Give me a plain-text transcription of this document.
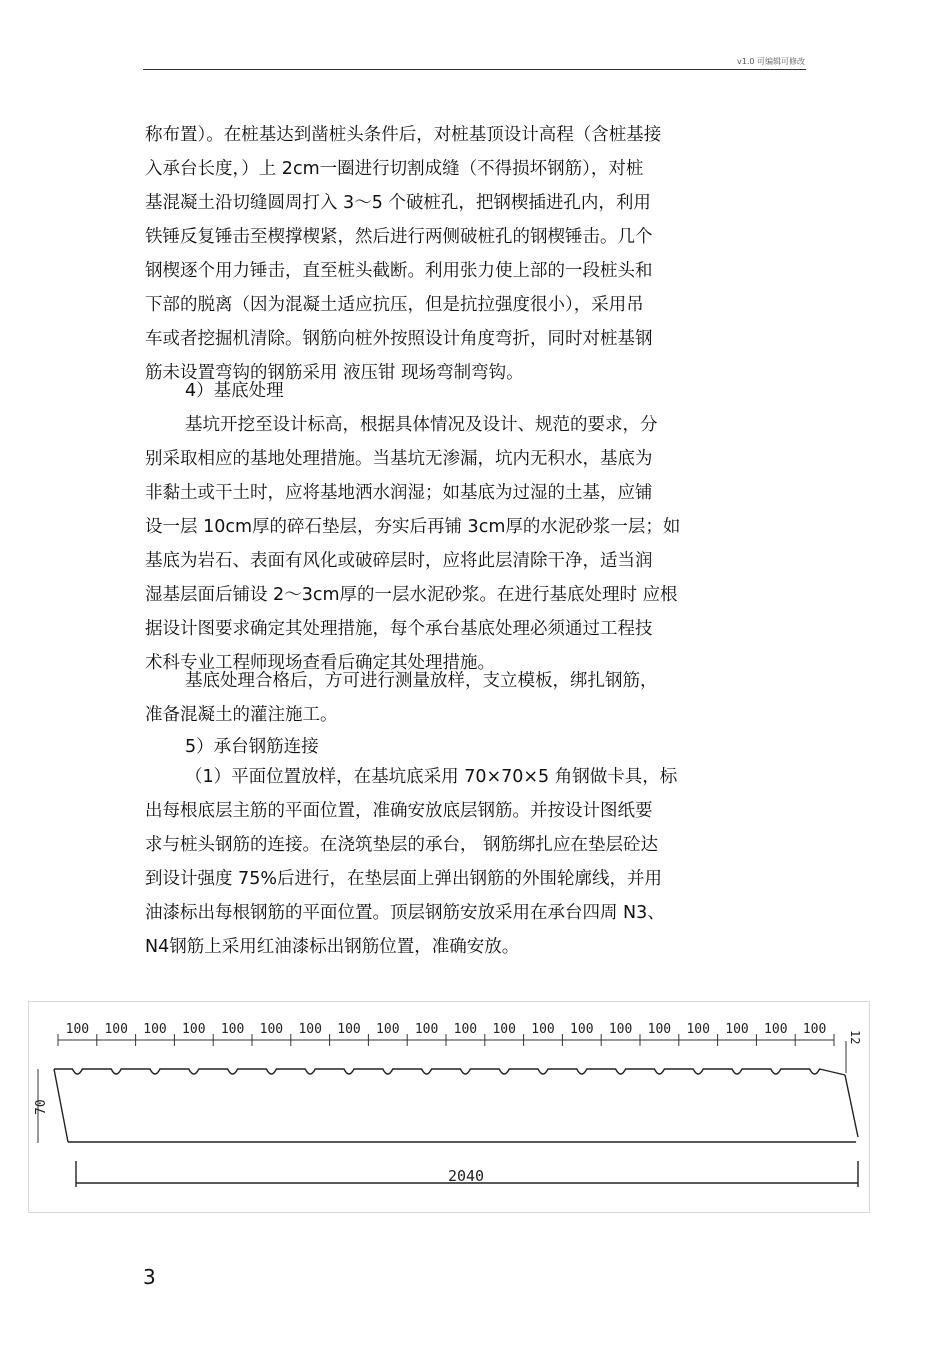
v1.0 可编辑可修改
称布置）。在桩基达到凿桩头条件后，对桩基顶设计高程（含桩基接
入承台长度，）上 2cm一圈进行切割成缝（不得损坏钢筋），对桩
基混凝土沿切缝圆周打入 3～5 个破桩孔，把钢楔插进孔内，利用
铁锤反复锤击至楔撑楔紧，然后进行两侧破桩孔的钢楔锤击。几个
钢楔逐个用力锤击，直至桩头截断。利用张力使上部的一段桩头和
下部的脱离（因为混凝土适应抗压，但是抗拉强度很小），采用吊
车或者挖掘机清除。钢筋向桩外按照设计角度弯折，同时对桩基钢
筋未设置弯钩的钢筋采用 液压钳 现场弯制弯钩。
4）基底处理
基坑开挖至设计标高，根据具体情况及设计、规范的要求，分
别采取相应的基地处理措施。当基坑无渗漏，坑内无积水，基底为
非黏土或干土时，应将基地洒水润湿；如基底为过湿的土基，应铺
设一层 10cm厚的碎石垫层，夯实后再铺 3cm厚的水泥砂浆一层；如
基底为岩石、表面有风化或破碎层时，应将此层清除干净，适当润
湿基层面后铺设 2～3cm厚的一层水泥砂浆。在进行基底处理时 应根
据设计图要求确定其处理措施，每个承台基底处理必须通过工程技
术科专业工程师现场查看后确定其处理措施。
基底处理合格后，方可进行测量放样，支立模板，绑扎钢筋，
准备混凝土的灌注施工。
5）承台钢筋连接
（1）平面位置放样，在基坑底采用 70×70×5 角钢做卡具，标
出每根底层主筋的平面位置，准确安放底层钢筋。并按设计图纸要
求与桩头钢筋的连接。在浇筑垫层的承台， 钢筋绑扎应在垫层砼达
到设计强度 75%后进行，在垫层面上弹出钢筋的外围轮廓线，并用
油漆标出每根钢筋的平面位置。顶层钢筋安放采用在承台四周 N3、
N4钢筋上采用红油漆标出钢筋位置，准确安放。
100 100 100 100 100 100 100 100 100 100 100 100 100 100 100 100 100 100 100 100
70
12
2040
3
